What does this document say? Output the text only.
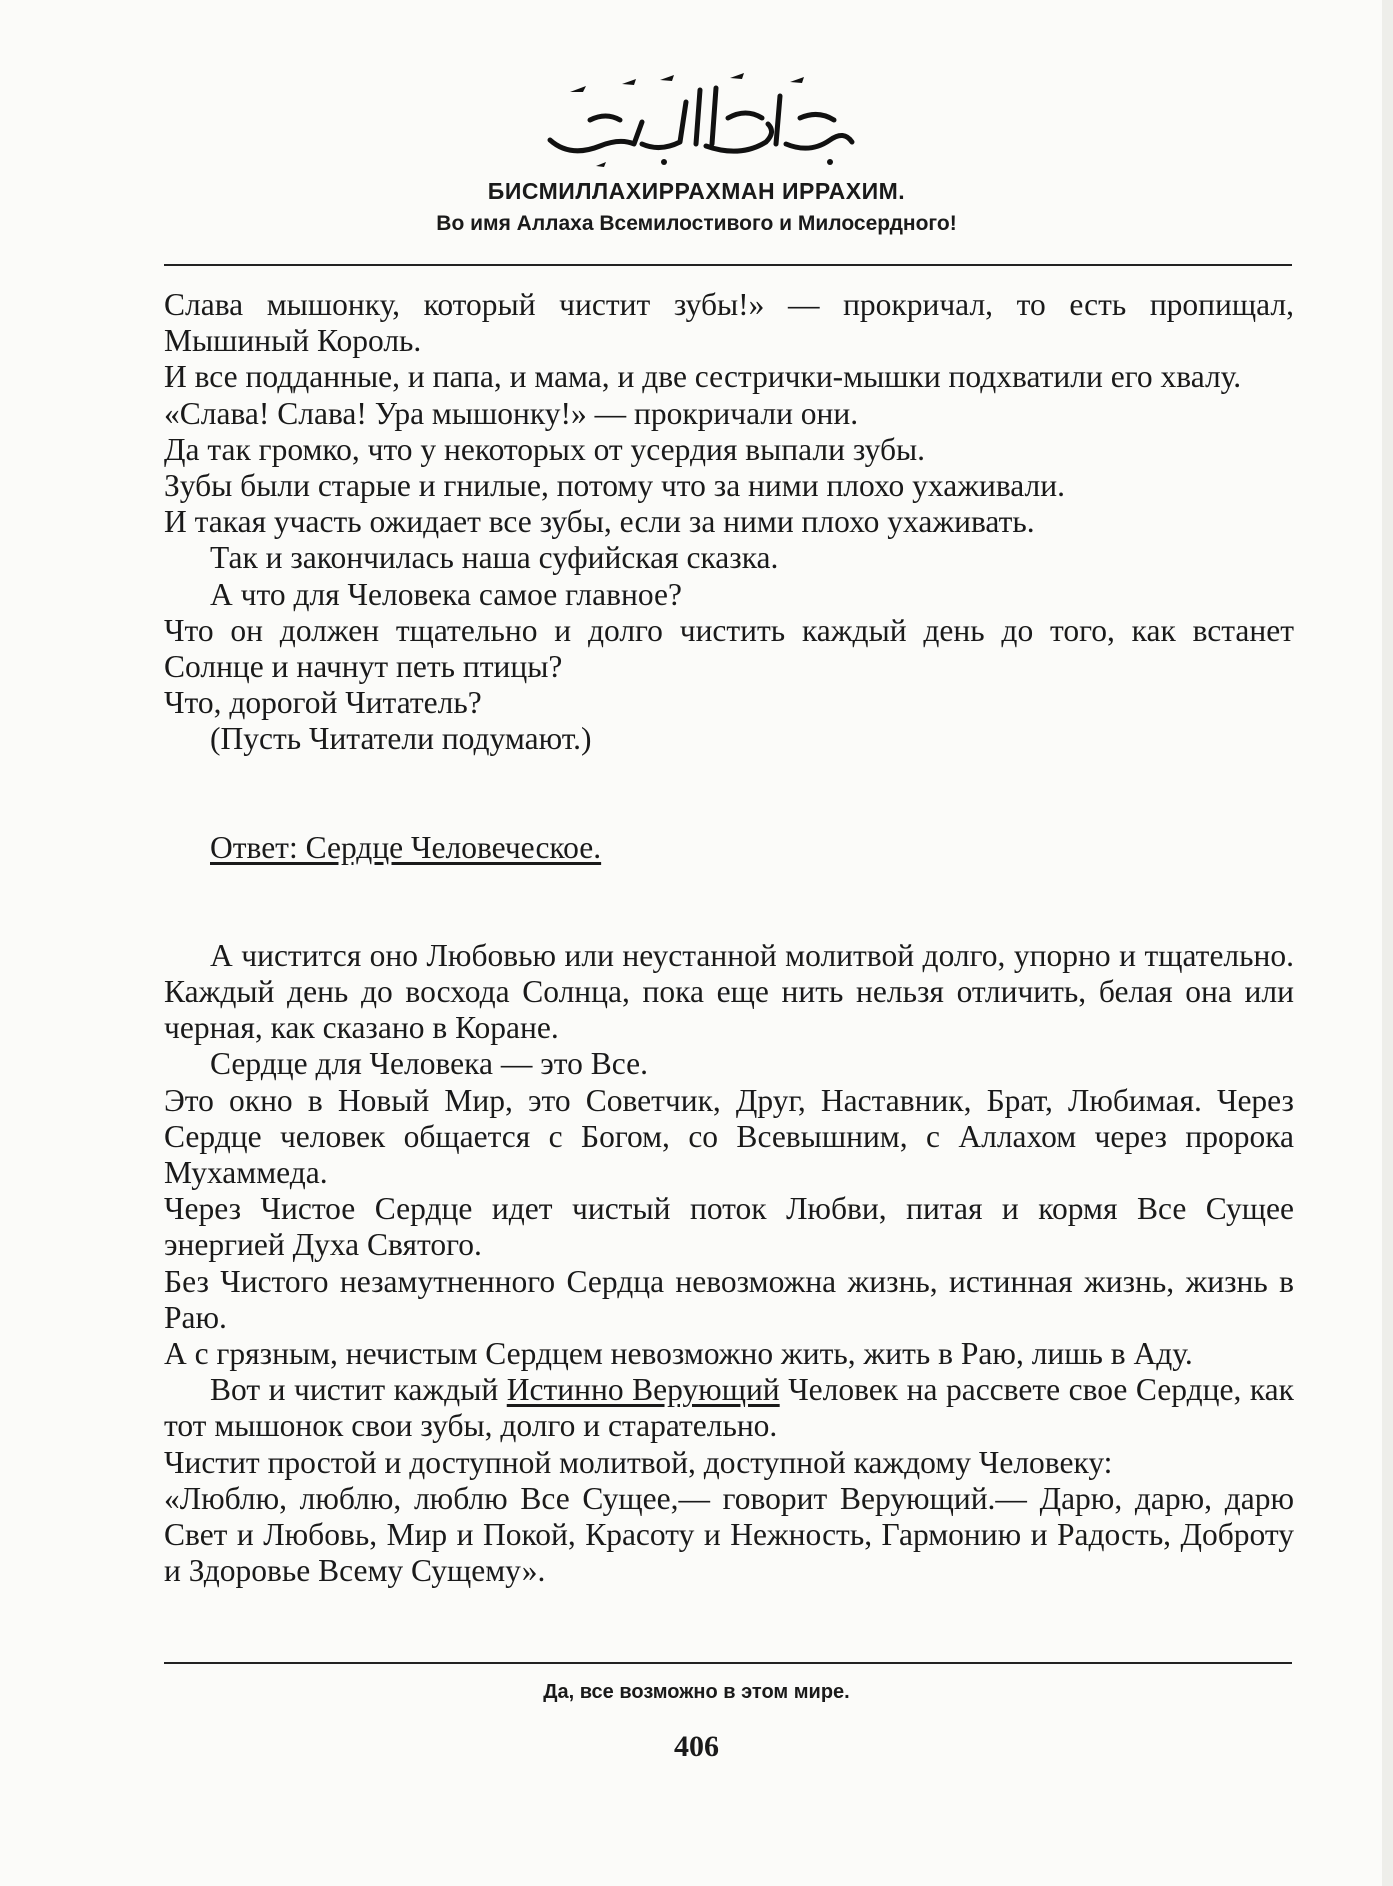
БИСМИЛЛАХИРРАХМАН ИРРАХИМ.
Во имя Аллаха Всемилостивого и Милосердного!

Слава мышонку, который чистит зубы!» — прокричал, то есть пропищал, Мышиный Король.

И все подданные, и папа, и мама, и две сестрички-мышки подхватили его хвалу.

«Слава! Слава! Ура мышонку!» — прокричали они.

Да так громко, что у некоторых от усердия выпали зубы.

Зубы были старые и гнилые, потому что за ними плохо ухаживали.

И такая участь ожидает все зубы, если за ними плохо ухаживать.

Так и закончилась наша суфийская сказка.

А что для Человека самое главное?

Что он должен тщательно и долго чистить каждый день до того, как встанет Солнце и начнут петь птицы?

Что, дорогой Читатель?

(Пусть Читатели подумают.)

Ответ: Сердце Человеческое.

А чистится оно Любовью или неустанной молитвой долго, упорно и тщательно. Каждый день до восхода Солнца, пока еще нить нельзя отличить, белая она или черная, как сказано в Коране.

Сердце для Человека — это Все.

Это окно в Новый Мир, это Советчик, Друг, Наставник, Брат, Любимая. Через Сердце человек общается с Богом, со Всевышним, с Аллахом через пророка Мухаммеда.

Через Чистое Сердце идет чистый поток Любви, питая и кормя Все Сущее энергией Духа Святого.

Без Чистого незамутненного Сердца невозможна жизнь, истинная жизнь, жизнь в Раю.

А с грязным, нечистым Сердцем невозможно жить, жить в Раю, лишь в Аду.

Вот и чистит каждый Истинно Верующий Человек на рассвете свое Сердце, как тот мышонок свои зубы, долго и старательно.

Чистит простой и доступной молитвой, доступной каждому Человеку:

«Люблю, люблю, люблю Все Сущее,— говорит Верующий.— Дарю, дарю, дарю Свет и Любовь, Мир и Покой, Красоту и Нежность, Гармонию и Радость, Доброту и Здоровье Всему Сущему».

Да, все возможно в этом мире.
406
